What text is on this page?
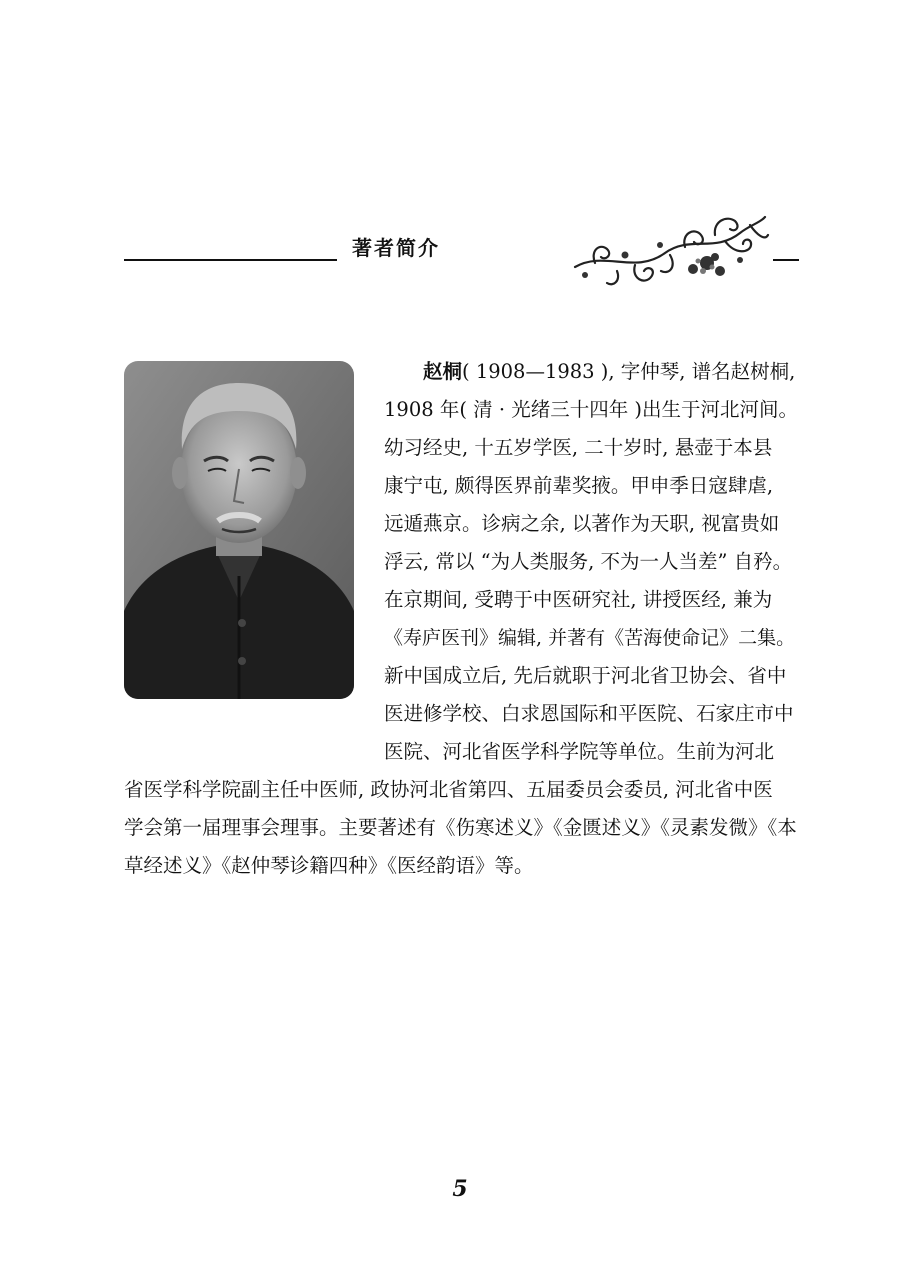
著者简介
赵桐( 1908—1983 ), 字仲琴, 谱名赵树桐,
1908 年( 清 · 光绪三十四年 )出生于河北河间。
幼习经史, 十五岁学医, 二十岁时, 悬壶于本县
康宁屯, 颇得医界前辈奖掖。甲申季日寇肆虐,
远遁燕京。诊病之余, 以著作为天职, 视富贵如
浮云, 常以 “为人类服务, 不为一人当差” 自矜。
在京期间, 受聘于中医研究社, 讲授医经, 兼为
《寿庐医刊》编辑, 并著有《苦海使命记》二集。
新中国成立后, 先后就职于河北省卫协会、省中
医进修学校、白求恩国际和平医院、石家庄市中
医院、河北省医学科学院等单位。生前为河北
省医学科学院副主任中医师, 政协河北省第四、五届委员会委员, 河北省中医
学会第一届理事会理事。主要著述有《伤寒述义》《金匮述义》《灵素发微》《本
草经述义》《赵仲琴诊籍四种》《医经韵语》等。
5
